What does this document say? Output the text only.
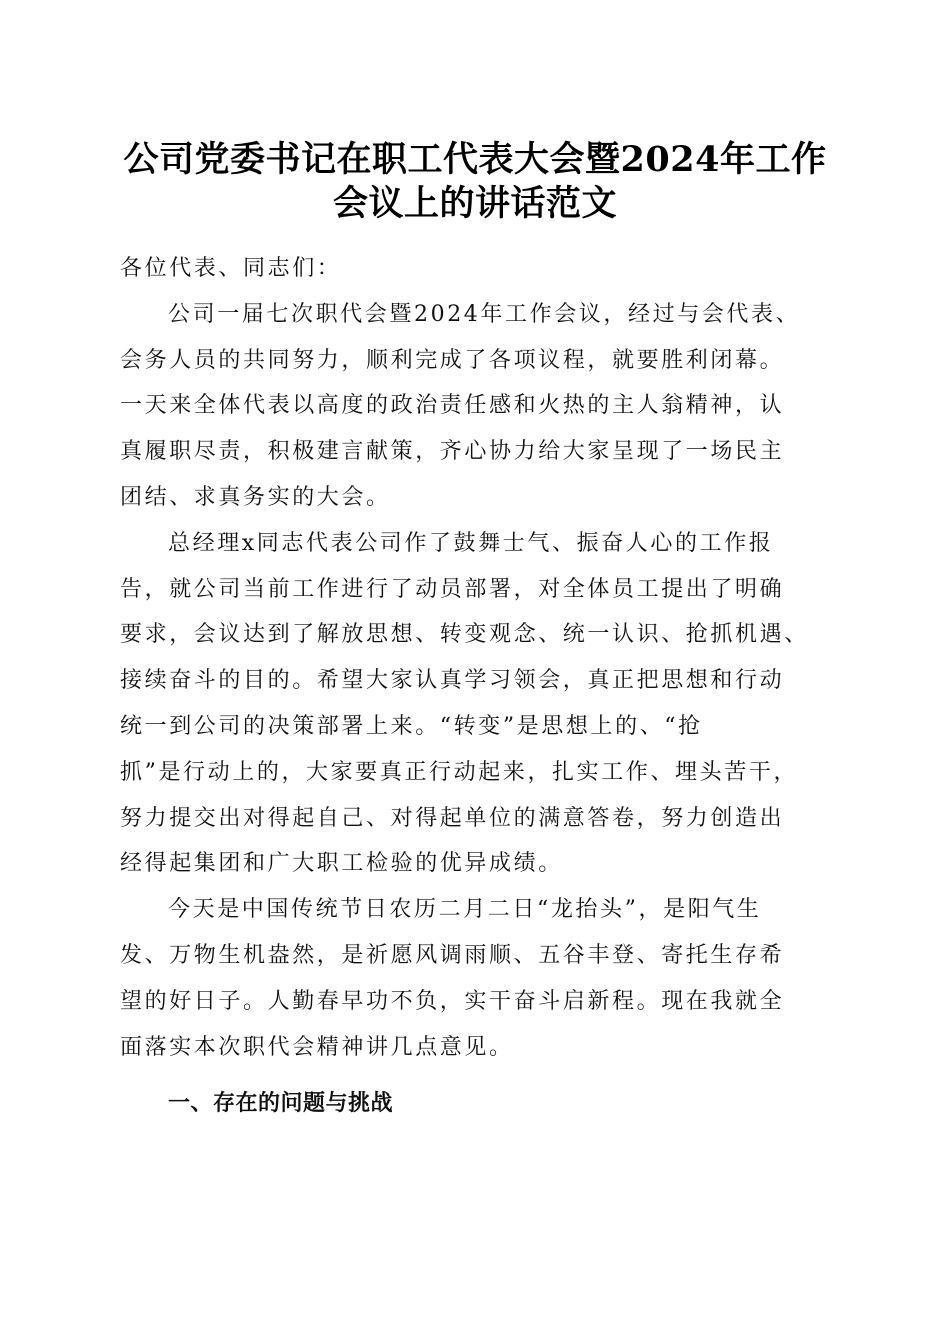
公司党委书记在职工代表大会暨2024年工作
会议上的讲话范文
各位代表、同志们：
公司一届七次职代会暨2024年工作会议，经过与会代表、
会务人员的共同努力，顺利完成了各项议程，就要胜利闭幕。
一天来全体代表以高度的政治责任感和火热的主人翁精神，认
真履职尽责，积极建言献策，齐心协力给大家呈现了一场民主
团结、求真务实的大会。
总经理x同志代表公司作了鼓舞士气、振奋人心的工作报
告，就公司当前工作进行了动员部署，对全体员工提出了明确
要求，会议达到了解放思想、转变观念、统一认识、抢抓机遇、
接续奋斗的目的。希望大家认真学习领会，真正把思想和行动
统一到公司的决策部署上来。“转变”是思想上的、“抢
抓”是行动上的，大家要真正行动起来，扎实工作、埋头苦干，
努力提交出对得起自己、对得起单位的满意答卷，努力创造出
经得起集团和广大职工检验的优异成绩。
今天是中国传统节日农历二月二日“龙抬头”，是阳气生
发、万物生机盎然，是祈愿风调雨顺、五谷丰登、寄托生存希
望的好日子。人勤春早功不负，实干奋斗启新程。现在我就全
面落实本次职代会精神讲几点意见。
一、存在的问题与挑战
